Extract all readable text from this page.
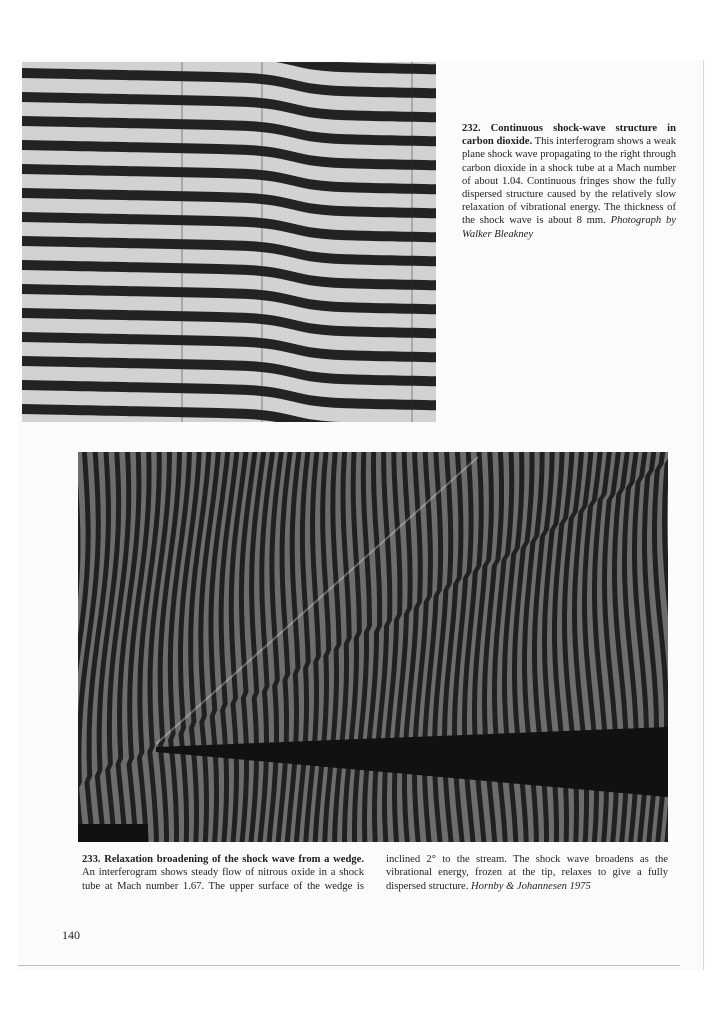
232. Continuous shock-wave structure in carbon dioxide. This interferogram shows a weak plane shock wave propagating to the right through carbon dioxide in a shock tube at a Mach number of about 1.04. Continuous fringes show the fully dispersed structure caused by the relatively slow relaxation of vibrational energy. The thickness of the shock wave is about 8 mm. Photograph by Walker Bleakney
233. Relaxation broadening of the shock wave from a wedge. An interferogram shows steady flow of nitrous oxide in a shock tube at Mach number 1.67. The upper surface of the wedge is inclined 2° to the stream. The shock wave broadens as the vibrational energy, frozen at the tip, relaxes to give a fully dispersed structure. Hornby & Johannesen 1975
140
